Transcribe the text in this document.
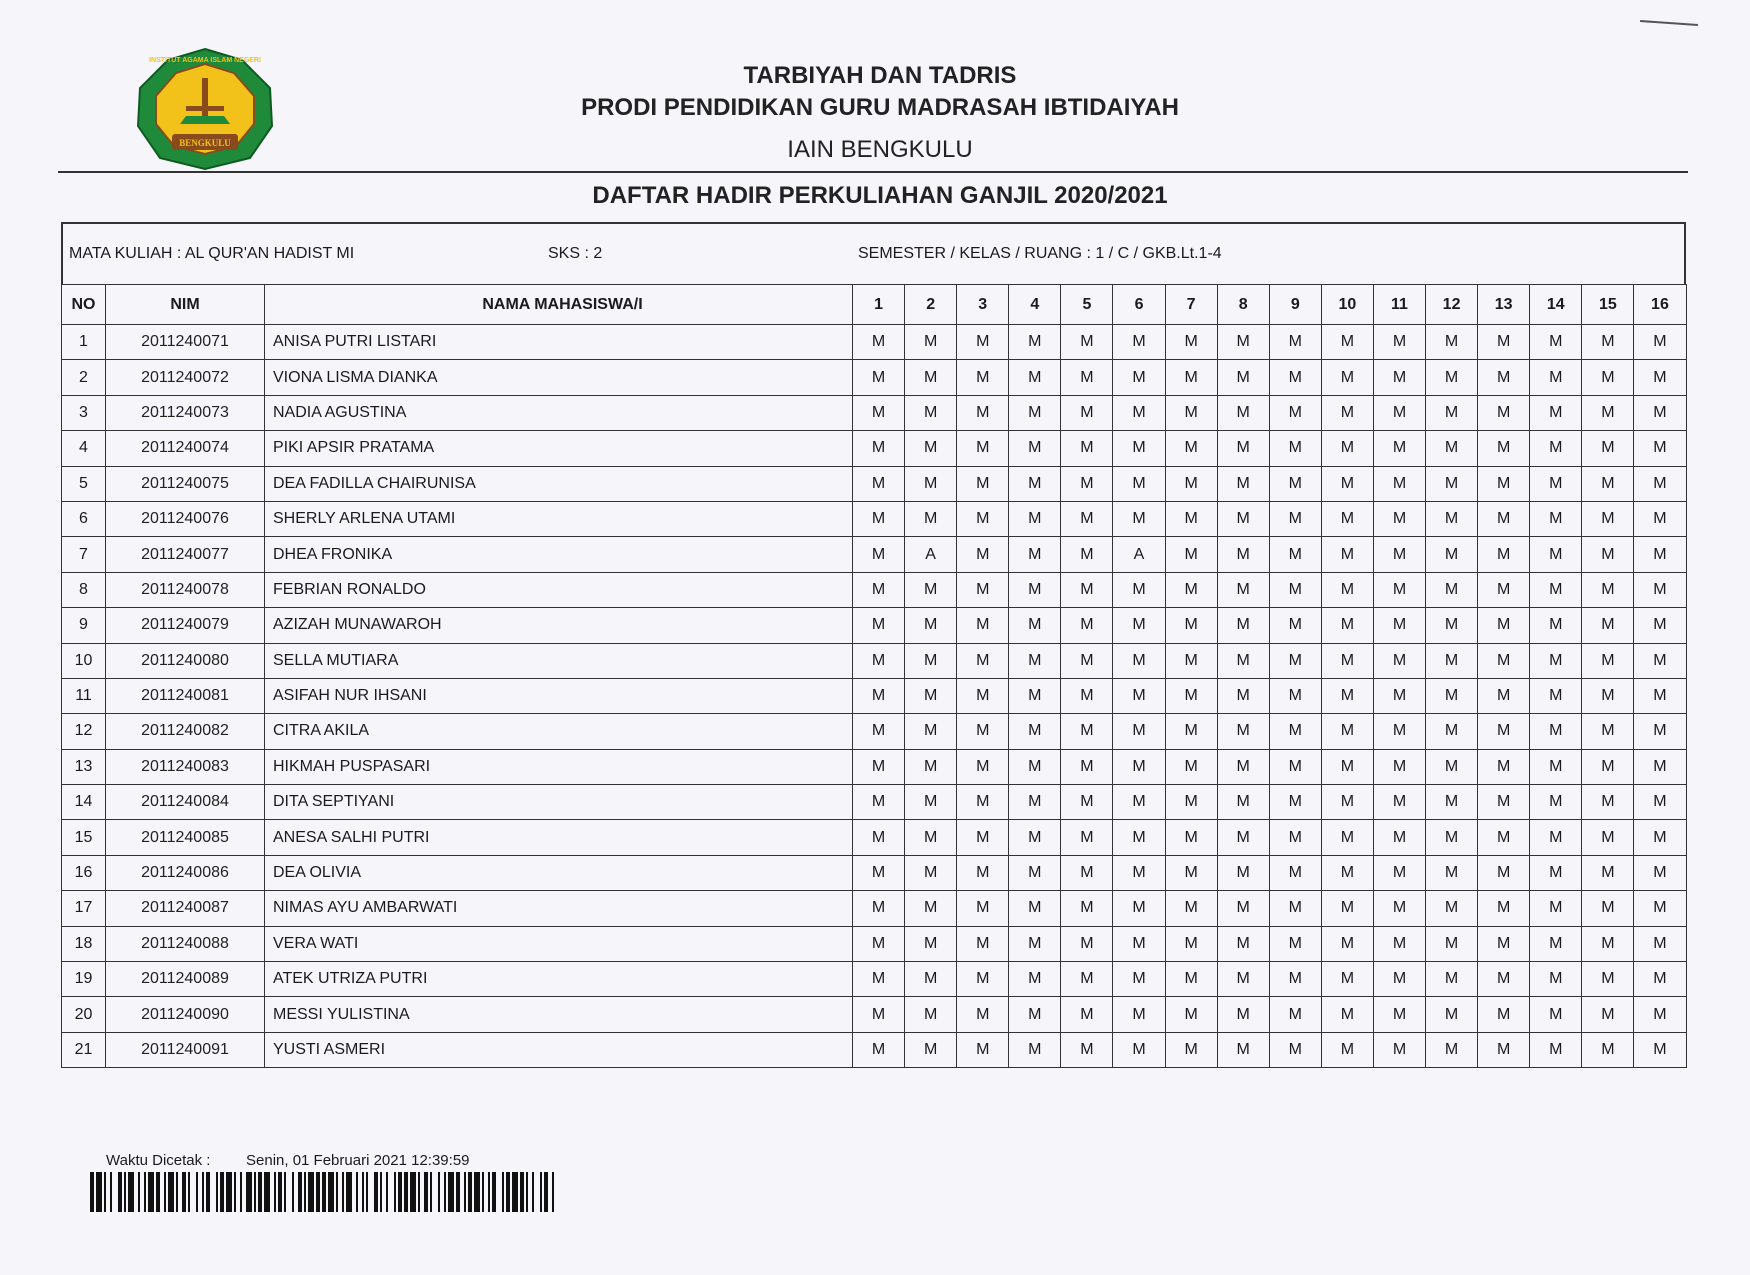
BENGKULU
INSTITUT AGAMA ISLAM NEGERI
TARBIYAH DAN TADRIS
PRODI PENDIDIKAN GURU MADRASAH IBTIDAIYAH
IAIN BENGKULU
DAFTAR HADIR PERKULIAHAN GANJIL 2020/2021
MATA KULIAH : AL QUR'AN HADIST MI	SKS : 2	SEMESTER / KELAS / RUANG : 1 / C / GKB.Lt.1-4
NO	NIM	NAMA MAHASISWA/I	1	2	3	4	5	6	7	8	9	10	11	12	13	14	15	16
1	2011240071	ANISA PUTRI LISTARI	M	M	M	M	M	M	M	M	M	M	M	M	M	M	M	M
2	2011240072	VIONA LISMA DIANKA	M	M	M	M	M	M	M	M	M	M	M	M	M	M	M	M
3	2011240073	NADIA AGUSTINA	M	M	M	M	M	M	M	M	M	M	M	M	M	M	M	M
4	2011240074	PIKI APSIR PRATAMA	M	M	M	M	M	M	M	M	M	M	M	M	M	M	M	M
5	2011240075	DEA FADILLA CHAIRUNISA	M	M	M	M	M	M	M	M	M	M	M	M	M	M	M	M
6	2011240076	SHERLY ARLENA UTAMI	M	M	M	M	M	M	M	M	M	M	M	M	M	M	M	M
7	2011240077	DHEA FRONIKA	M	A	M	M	M	A	M	M	M	M	M	M	M	M	M	M
8	2011240078	FEBRIAN RONALDO	M	M	M	M	M	M	M	M	M	M	M	M	M	M	M	M
9	2011240079	AZIZAH MUNAWAROH	M	M	M	M	M	M	M	M	M	M	M	M	M	M	M	M
10	2011240080	SELLA MUTIARA	M	M	M	M	M	M	M	M	M	M	M	M	M	M	M	M
11	2011240081	ASIFAH NUR IHSANI	M	M	M	M	M	M	M	M	M	M	M	M	M	M	M	M
12	2011240082	CITRA AKILA	M	M	M	M	M	M	M	M	M	M	M	M	M	M	M	M
13	2011240083	HIKMAH PUSPASARI	M	M	M	M	M	M	M	M	M	M	M	M	M	M	M	M
14	2011240084	DITA SEPTIYANI	M	M	M	M	M	M	M	M	M	M	M	M	M	M	M	M
15	2011240085	ANESA SALHI PUTRI	M	M	M	M	M	M	M	M	M	M	M	M	M	M	M	M
16	2011240086	DEA OLIVIA	M	M	M	M	M	M	M	M	M	M	M	M	M	M	M	M
17	2011240087	NIMAS AYU AMBARWATI	M	M	M	M	M	M	M	M	M	M	M	M	M	M	M	M
18	2011240088	VERA WATI	M	M	M	M	M	M	M	M	M	M	M	M	M	M	M	M
19	2011240089	ATEK UTRIZA PUTRI	M	M	M	M	M	M	M	M	M	M	M	M	M	M	M	M
20	2011240090	MESSI YULISTINA	M	M	M	M	M	M	M	M	M	M	M	M	M	M	M	M
21	2011240091	YUSTI ASMERI	M	M	M	M	M	M	M	M	M	M	M	M	M	M	M	M
Waktu Dicetak : Senin, 01 Februari 2021 12:39:59
